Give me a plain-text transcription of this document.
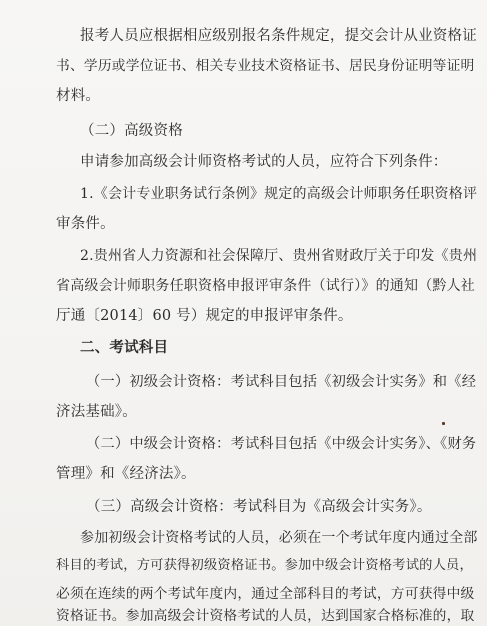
报考人员应根据相应级别报名条件规定，提交会计从业资格证
书、学历或学位证书、相关专业技术资格证书、居民身份证明等证明
材料。
（二）高级资格
申请参加高级会计师资格考试的人员，应符合下列条件：
1.《会计专业职务试行条例》规定的高级会计师职务任职资格评
审条件。
2.贵州省人力资源和社会保障厅、贵州省财政厅关于印发《贵州
省高级会计师职务任职资格申报评审条件（试行）》的通知（黔人社
厅通〔2014〕60 号）规定的申报评审条件。
二、考试科目
（一）初级会计资格：考试科目包括《初级会计实务》和《经
济法基础》。
（二）中级会计资格：考试科目包括《中级会计实务》、《财务
管理》和《经济法》。
（三）高级会计资格：考试科目为《高级会计实务》。
参加初级会计资格考试的人员，必须在一个考试年度内通过全部
科目的考试，方可获得初级资格证书。参加中级会计资格考试的人员，
必须在连续的两个考试年度内，通过全部科目的考试，方可获得中级
资格证书。参加高级会计资格考试的人员，达到国家合格标准的，取
